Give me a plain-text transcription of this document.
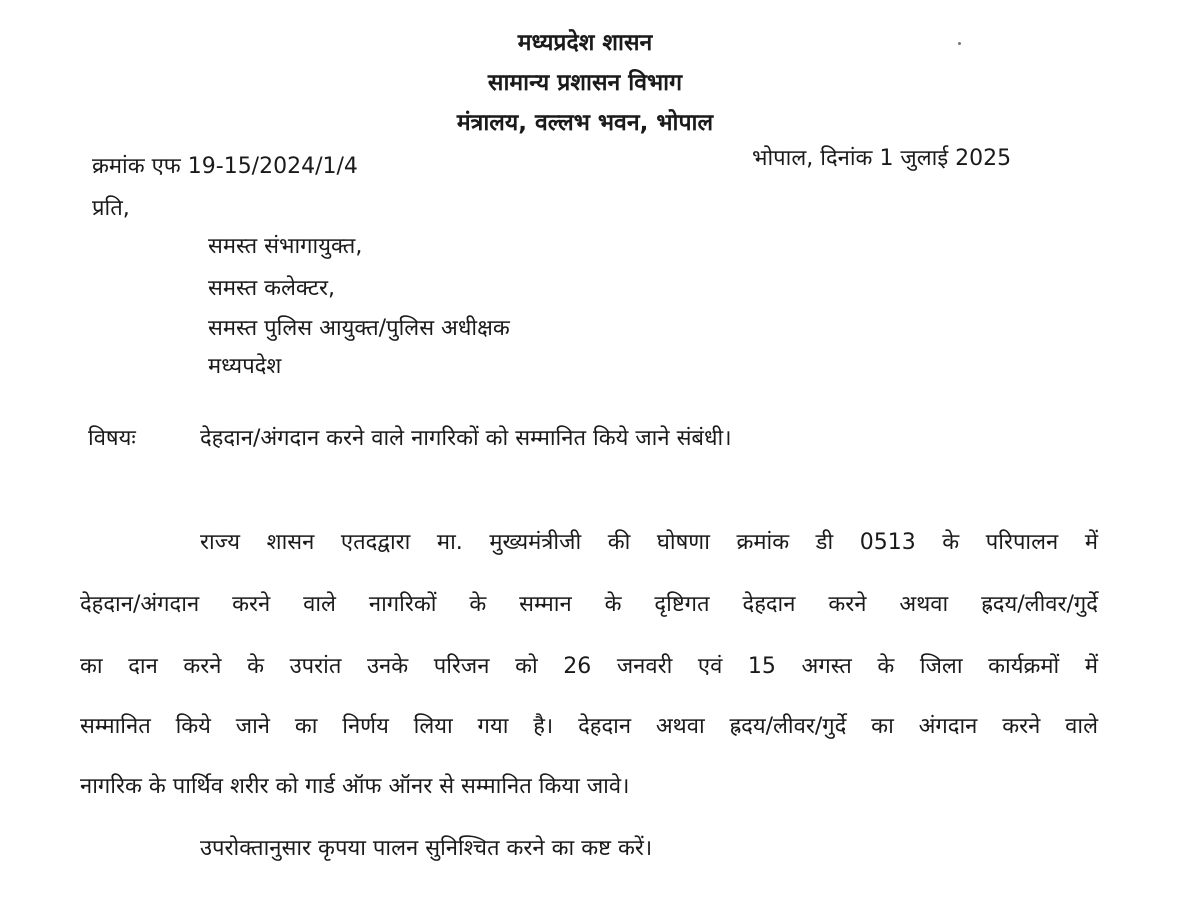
मध्यप्रदेश शासन
सामान्य प्रशासन विभाग
मंत्रालय, वल्लभ भवन, भोपाल
क्रमांक एफ 19-15/2024/1/4	भोपाल, दिनांक 1 जुलाई 2025
प्रति,
समस्त संभागायुक्त,
समस्त कलेक्टर,
समस्त पुलिस आयुक्त/पुलिस अधीक्षक
मध्यपदेश
विषयः	देहदान/अंगदान करने वाले नागरिकों को सम्मानित किये जाने संबंधी।
राज्य शासन एतदद्वारा मा. मुख्यमंत्रीजी की घोषणा क्रमांक डी 0513 के परिपालन में
देहदान/अंगदान करने वाले नागरिकों के सम्मान के दृष्टिगत देहदान करने अथवा ह्रदय/लीवर/गुर्दे
का दान करने के उपरांत उनके परिजन को 26 जनवरी एवं 15 अगस्त के जिला कार्यक्रमों में
सम्मानित किये जाने का निर्णय लिया गया है। देहदान अथवा ह्रदय/लीवर/गुर्दे का अंगदान करने वाले
नागरिक के पार्थिव शरीर को गार्ड ऑफ ऑनर से सम्मानित किया जावे।
उपरोक्तानुसार कृपया पालन सुनिश्चित करने का कष्ट करें।
